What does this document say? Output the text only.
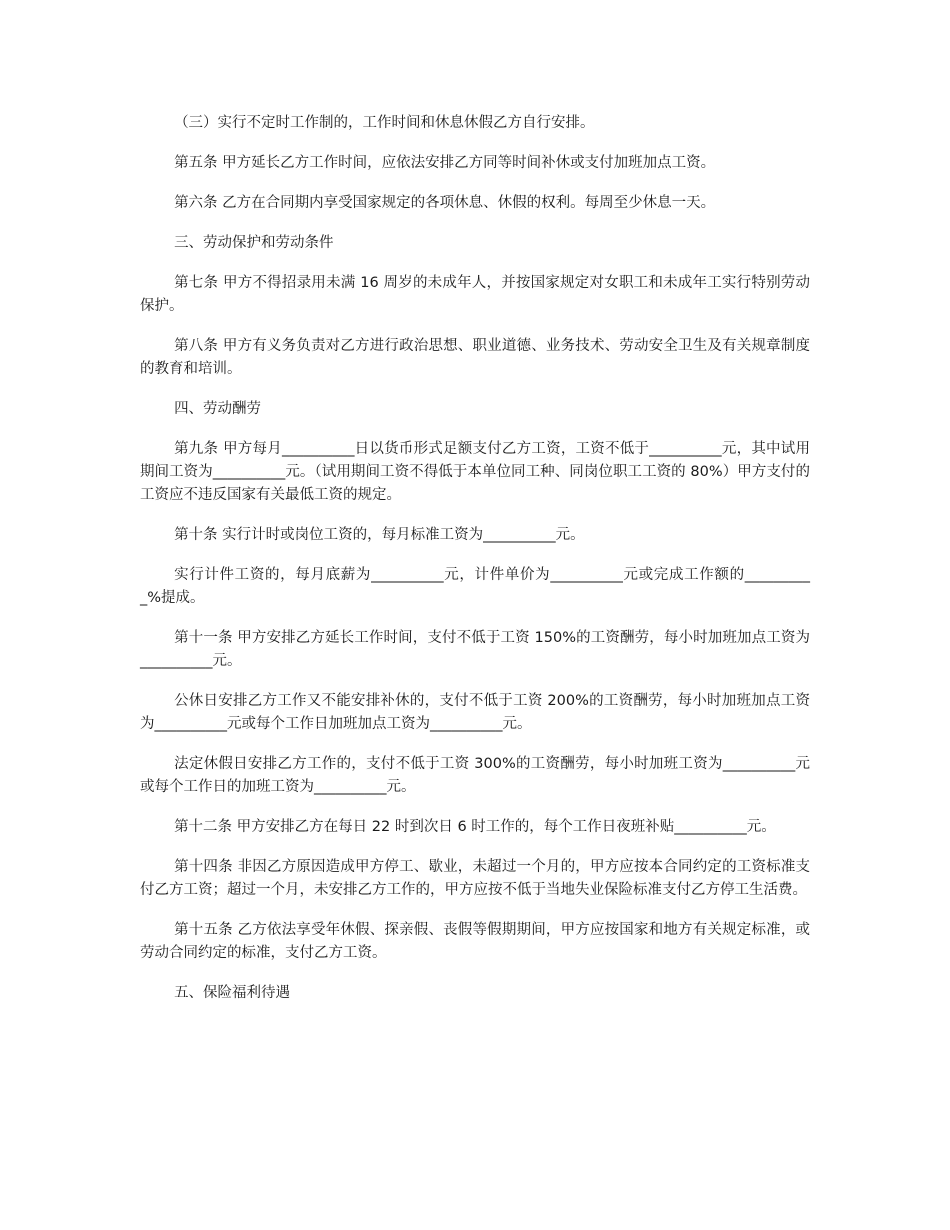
（三）实行不定时工作制的，工作时间和休息休假乙方自行安排。

第五条 甲方延长乙方工作时间，应依法安排乙方同等时间补休或支付加班加点工资。

第六条 乙方在合同期内享受国家规定的各项休息、休假的权利。每周至少休息一天。

三、劳动保护和劳动条件

第七条 甲方不得招录用未满 16 周岁的未成年人，并按国家规定对女职工和未成年工实行特别劳动保护。

第八条 甲方有义务负责对乙方进行政治思想、职业道德、业务技术、劳动安全卫生及有关规章制度的教育和培训。

四、劳动酬劳

第九条 甲方每月__________日以货币形式足额支付乙方工资，工资不低于__________元，其中试用期间工资为__________元。（试用期间工资不得低于本单位同工种、同岗位职工工资的 80%）甲方支付的工资应不违反国家有关最低工资的规定。

第十条 实行计时或岗位工资的，每月标准工资为__________元。

实行计件工资的，每月底薪为__________元，计件单价为__________元或完成工作额的__________%提成。

第十一条 甲方安排乙方延长工作时间，支付不低于工资 150%的工资酬劳，每小时加班加点工资为__________元。

公休日安排乙方工作又不能安排补休的，支付不低于工资 200%的工资酬劳，每小时加班加点工资为__________元或每个工作日加班加点工资为__________元。

法定休假日安排乙方工作的，支付不低于工资 300%的工资酬劳，每小时加班工资为__________元或每个工作日的加班工资为__________元。

第十二条 甲方安排乙方在每日 22 时到次日 6 时工作的，每个工作日夜班补贴__________元。

第十四条 非因乙方原因造成甲方停工、歇业，未超过一个月的，甲方应按本合同约定的工资标准支付乙方工资；超过一个月，未安排乙方工作的，甲方应按不低于当地失业保险标准支付乙方停工生活费。

第十五条 乙方依法享受年休假、探亲假、丧假等假期期间，甲方应按国家和地方有关规定标准，或劳动合同约定的标准，支付乙方工资。

五、保险福利待遇
